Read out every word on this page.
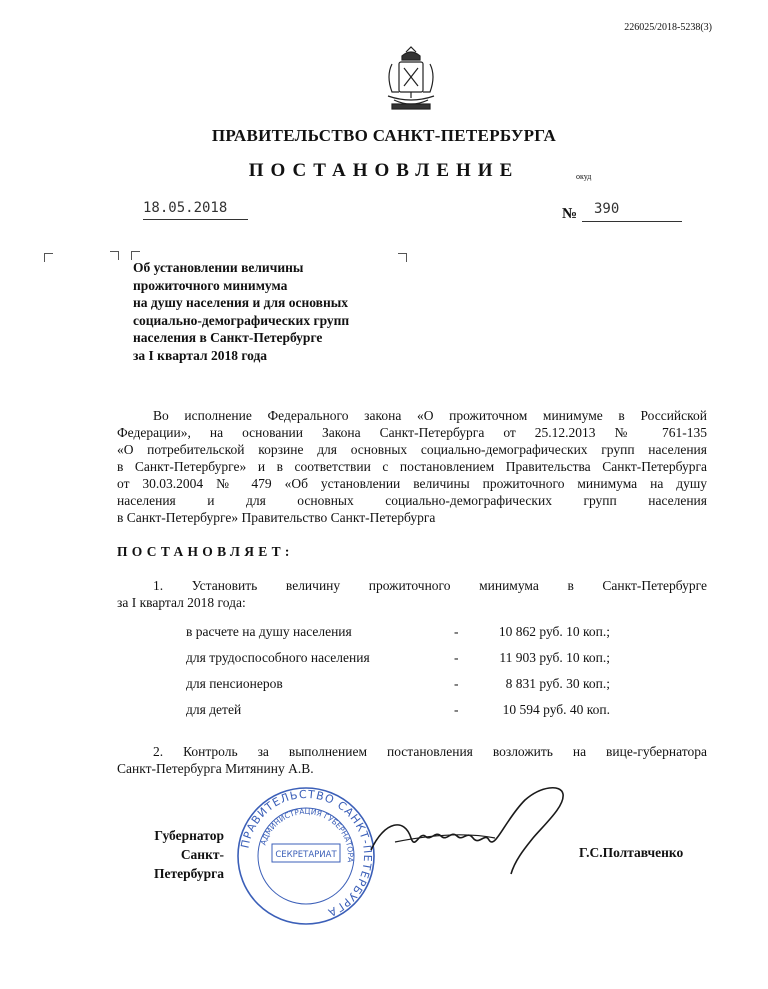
226025/2018-5238(3)
ПРАВИТЕЛЬСТВО САНКТ-ПЕТЕРБУРГА
ПОСТАНОВЛЕНИЕ	окуд
18.05.2018	№ 390
Об установлении величины
прожиточного минимума
на душу населения и для основных
социально-демографических групп
населения в Санкт-Петербурге
за I квартал 2018 года
Во исполнение Федерального закона «О прожиточном минимуме в Российской
Федерации», на основании Закона Санкт-Петербурга от 25.12.2013 № 761-135
«О потребительской корзине для основных социально-демографических групп населения
в Санкт-Петербурге» и в соответствии с постановлением Правительства Санкт-Петербурга
от 30.03.2004 № 479 «Об установлении величины прожиточного минимума на душу
населения и для основных социально-демографических групп населения
в Санкт-Петербурге» Правительство Санкт-Петербурга
ПОСТАНОВЛЯЕТ:
1. Установить величину прожиточного минимума в Санкт-Петербурге
за I квартал 2018 года:
в расчете на душу населения	-	10 862 руб. 10 коп.;
для трудоспособного населения	-	11 903 руб. 10 коп.;
для пенсионеров	-	8 831 руб. 30 коп.;
для детей	-	10 594 руб. 40 коп.
2. Контроль за выполнением постановления возложить на вице-губернатора
Санкт-Петербурга Митянину А.В.
ПРАВИТЕЛЬСТВО САНКТ-ПЕТЕРБУРГА
АДМИНИСТРАЦИЯ ГУБЕРНАТОРА
СЕКРЕТАРИАТ
Губернатор
Санкт-Петербурга
Г.С.Полтавченко
